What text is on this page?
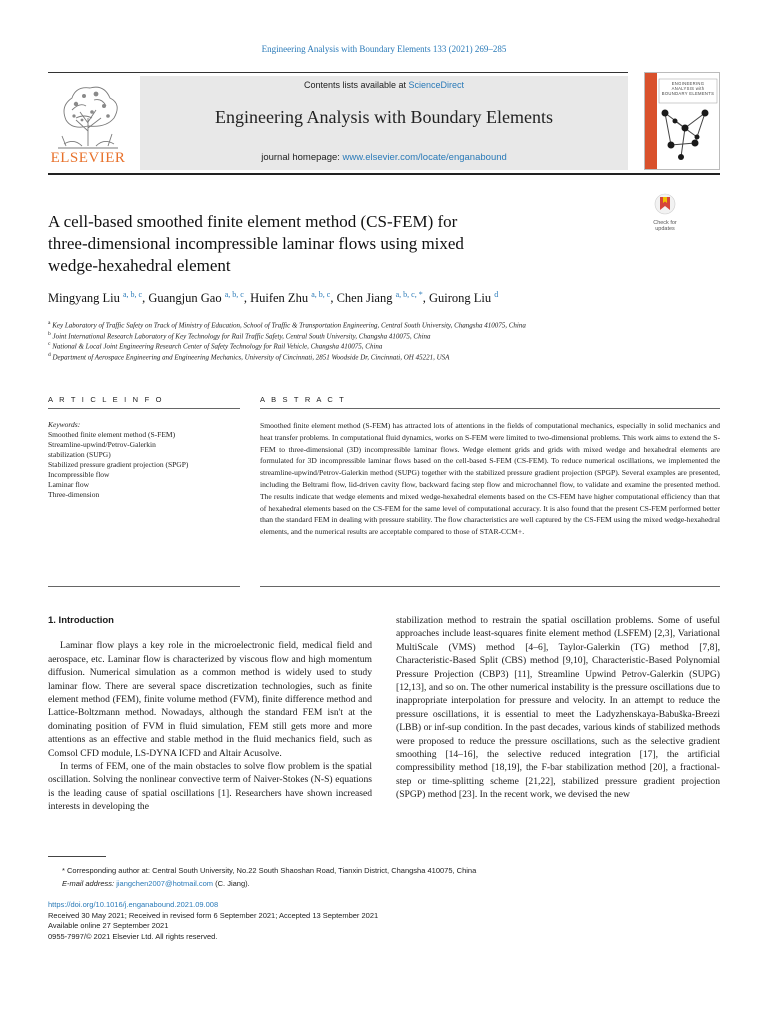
Engineering Analysis with Boundary Elements 133 (2021) 269–285
ELSEVIER
Contents lists available at ScienceDirect
Engineering Analysis with Boundary Elements
journal homepage: www.elsevier.com/locate/enganabound
ENGINEERING ANALYSIS with BOUNDARY ELEMENTS
Check for updates
A cell-based smoothed finite element method (CS-FEM) for
three-dimensional incompressible laminar flows using mixed
wedge-hexahedral element
Mingyang Liu $^{a, b, c}$, Guangjun Gao $^{a, b, c}$, Huifen Zhu $^{a, b, c}$, Chen Jiang $^{a, b, c, *}$, Guirong Liu $^d$
$^a$ Key Laboratory of Traffic Safety on Track of Ministry of Education, School of Traffic & Transportation Engineering, Central South University, Changsha 410075, China
$^b$ Joint International Research Laboratory of Key Technology for Rail Traffic Safety, Central South University, Changsha 410075, China
$^c$ National & Local Joint Engineering Research Center of Safety Technology for Rail Vehicle, Changsha 410075, China
$^d$ Department of Aerospace Engineering and Engineering Mechanics, University of Cincinnati, 2851 Woodside Dr, Cincinnati, OH 45221, USA
A R T I C L E I N F O	A B S T R A C T
Keywords:
Smoothed finite element method (S-FEM)
Streamline-upwind/Petrov-Galerkin
stabilization (SUPG)
Stabilized pressure gradient projection (SPGP)
Incompressible flow
Laminar flow
Three-dimension
Smoothed finite element method (S-FEM) has attracted lots of attentions in the fields of computational mechanics, especially in solid mechanics and heat transfer problems. In computational fluid dynamics, works on S-FEM were limited to two-dimensional problems. This work aims to extend the S-FEM to three-dimensional (3D) incompressible laminar flows. Wedge element grids and grids with mixed wedge and hexahedral elements are formulated for 3D incompressible laminar flows based on the cell-based S-FEM (CS-FEM). To reduce numerical oscillations, we implemented the streamline-upwind/Petrov-Galerkin method (SUPG) together with the stabilized pressure gradient projection (SPGP). Several examples are presented, including the Beltrami flow, lid-driven cavity flow, backward facing step flow and microchannel flow, to validate and examine the presented method. The results indicate that wedge elements and mixed wedge-hexahedral elements based on the CS-FEM have higher computational efficiency than that of hexahedral elements based on the CS-FEM for the same level of computational accuracy. It is also found that the present CS-FEM performed better than the standard FEM in dealing with pressure stability. The flow characteristics are well captured by the CS-FEM using the mixed wedge-hexahedral elements, and the numerical results are acceptable compared to those of STAR-CCM+.
1. Introduction

Laminar flow plays a key role in the microelectronic field, medical field and aerospace, etc. Laminar flow is characterized by viscous flow and high momentum diffusion. Numerical simulation as a common method is widely used to study laminar flow. There are several space discretization technologies, such as finite element method (FEM), finite volume method (FVM), finite difference method and Lattice-Boltzmann method. Nowadays, although the standard FEM isn't at the dominating position of FVM in fluid simulation, FEM still gets more and more attentions as an effective and stable method in the fluid mechanics field, such as Comsol CFD module, LS-DYNA ICFD and Altair Acusolve.

In terms of FEM, one of the main obstacles to solve flow problem is the spatial oscillation. Solving the nonlinear convective term of Naiver-Stokes (N-S) equations is the leading cause of spatial oscillations [1]. Researchers have shown increased interests in developing the

stabilization method to restrain the spatial oscillation problems. Some of useful approaches include least-squares finite element method (LSFEM) [2,3], Variational MultiScale (VMS) method [4–6], Taylor-Galerkin (TG) method [7,8], Characteristic-Based Split (CBS) method [9,10], Characteristic-Based Polynomial Pressure Projection (CBP3) [11], Streamline Upwind Petrov-Galerkin (SUPG) [12,13], and so on. The other numerical instability is the pressure oscillations due to inappropriate interpolation for pressure and velocity. In an attempt to reduce the pressure oscillations, it is essential to meet the Ladyzhenskaya-Babuška-Breezi (LBB) or inf-sup condition. In the past decades, various kinds of stabilized methods were proposed to reduce the pressure oscillations, such as the selective gradient smoothing [14–16], the selective reduced integration [17], the artificial compressibility method [18,19], the F-bar stabilization method [20], a fractional-step or time-splitting scheme [21,22], stabilized pressure gradient projection (SPGP) method [23]. In the recent work, we devised the new

* Corresponding author at: Central South University, No.22 South Shaoshan Road, Tianxin District, Changsha 410075, China
E-mail address: jiangchen2007@hotmail.com (C. Jiang).
https://doi.org/10.1016/j.enganabound.2021.09.008
Received 30 May 2021; Received in revised form 6 September 2021; Accepted 13 September 2021
Available online 27 September 2021
0955-7997/© 2021 Elsevier Ltd. All rights reserved.
